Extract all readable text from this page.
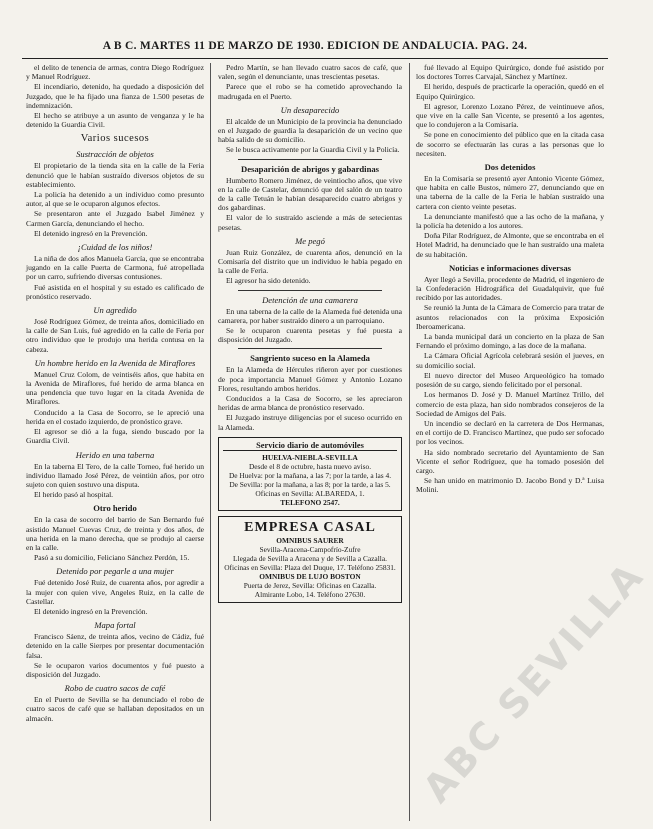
A B C. MARTES 11 DE MARZO DE 1930. EDICION DE ANDALUCIA. PAG. 24.

el delito de tenencia de armas, contra Diego Rodríguez y Manuel Rodríguez.

El incendiario, detenido, ha quedado a disposición del Juzgado, que le ha fijado una fianza de 1.500 pesetas de indemnización.

El hecho se atribuye a un asunto de venganza y le ha detenido la Guardia Civil.

Varios sucesos
Sustracción de objetos

El propietario de la tienda sita en la calle de la Feria denunció que le habían sustraído diversos objetos de su establecimiento.

La policía ha detenido a un individuo como presunto autor, al que se le ocuparon algunos efectos.

Se presentaron ante el Juzgado Isabel Jiménez y Carmen García, denunciando el hecho.

El detenido ingresó en la Prevención.

¡Cuidad de los niños!

La niña de dos años Manuela García, que se encontraba jugando en la calle Puerta de Carmona, fué atropellada por un carro, sufriendo diversas contusiones.

Fué asistida en el hospital y su estado es calificado de pronóstico reservado.

Un agredido

José Rodríguez Gómez, de treinta años, domiciliado en la calle de San Luis, fué agredido en la calle de Feria por otro individuo que le produjo una herida contusa en la cabeza.

Un hombre herido en la Avenida de Miraflores

Manuel Cruz Colom, de veintiséis años, que habita en la Avenida de Miraflores, fué herido de arma blanca en una pendencia que tuvo lugar en la citada Avenida de Miraflores.

Conducido a la Casa de Socorro, se le apreció una herida en el costado izquierdo, de pronóstico grave.

El agresor se dió a la fuga, siendo buscado por la Guardia Civil.

Herido en una taberna

En la taberna El Tero, de la calle Torneo, fué herido un individuo llamado José Pérez, de veintiún años, por otro sujeto con quien sostuvo una disputa.

El herido pasó al hospital.

Otro herido

En la casa de socorro del barrio de San Bernardo fué asistido Manuel Cuevas Cruz, de treinta y dos años, de una herida en la mano derecha, que se produjo al caerse en la calle.

Pasó a su domicilio, Feliciano Sánchez Perdón, 15.

Detenido por pegarle a una mujer

Fué detenido José Ruiz, de cuarenta años, por agredir a la mujer con quien vive, Angeles Ruiz, en la calle de Castellar.

El detenido ingresó en la Prevención.

Mapa fortal

Francisco Sáenz, de treinta años, vecino de Cádiz, fué detenido en la calle Sierpes por presentar documentación falsa.

Se le ocuparon varios documentos y fué puesto a disposición del Juzgado.

Robo de cuatro sacos de café

En el Puerto de Sevilla se ha denunciado el robo de cuatro sacos de café que se hallaban depositados en un almacén.

Pedro Martín, se han llevado cuatro sacos de café, que valen, según el denunciante, unas trescientas pesetas.

Parece que el robo se ha cometido aprovechando la madrugada en el Puerto.

Un desaparecido

El alcalde de un Municipio de la provincia ha denunciado en el Juzgado de guardia la desaparición de un vecino que había salido de su domicilio.

Se le busca activamente por la Guardia Civil y la Policía.

Desaparición de abrigos y gabardinas

Humberto Romero Jiménez, de veintiocho años, que vive en la calle de Castelar, denunció que del salón de un teatro de la calle Tetuán le habían desaparecido cuatro abrigos y dos gabardinas.

El valor de lo sustraído asciende a más de setecientas pesetas.

Me pegó

Juan Ruiz González, de cuarenta años, denunció en la Comisaría del distrito que un individuo le había pegado en la calle de Feria.

El agresor ha sido detenido.

Detención de una camarera

En una taberna de la calle de la Alameda fué detenida una camarera, por haber sustraído dinero a un parroquiano.

Se le ocuparon cuarenta pesetas y fué puesta a disposición del Juzgado.

Sangriento suceso en la Alameda

En la Alameda de Hércules riñeron ayer por cuestiones de poca importancia Manuel Gómez y Antonio Lozano Flores, resultando ambos heridos.

Conducidos a la Casa de Socorro, se les apreciaron heridas de arma blanca de pronóstico reservado.

El Juzgado instruye diligencias por el suceso ocurrido en la Alameda.

Servicio diario de automóviles
HUELVA-NIEBLA-SEVILLA
Desde el 8 de octubre, hasta nuevo aviso.
De Huelva: por la mañana, a las 7; por la tarde, a las 4.
De Sevilla: por la mañana, a las 8; por la tarde, a las 5.
Oficinas en Sevilla: ALBAREDA, 1.
TELEFONO 2547.
EMPRESA CASAL
OMNIBUS SAURER
Sevilla-Aracena-Campofrío-Zufre
Llegada de Sevilla a Aracena y de Sevilla a Cazalla.
Oficinas en Sevilla: Plaza del Duque, 17. Teléfono 25831.
OMNIBUS DE LUJO BOSTON
Puerta de Jerez, Sevilla: Oficinas en Cazalla.
Almirante Lobo, 14. Teléfono 27630.

fué llevado al Equipo Quirúrgico, donde fué asistido por los doctores Torres Carvajal, Sánchez y Martínez.

El herido, después de practicarle la operación, quedó en el Equipo Quirúrgico.

El agresor, Lorenzo Lozano Pérez, de veintinueve años, que vive en la calle San Vicente, se presentó a los agentes, que lo condujeron a la Comisaría.

Se pone en conocimiento del público que en la citada casa de socorro se efectuarán las curas a las personas que lo necesiten.

Dos detenidos

En la Comisaría se presentó ayer Antonio Vicente Gómez, que habita en calle Bustos, número 27, denunciando que en una taberna de la calle de la Feria le habían sustraído una cartera con ciento veinte pesetas.

La denunciante manifestó que a las ocho de la mañana, y la policía ha detenido a los autores.

Doña Pilar Rodríguez, de Almonte, que se encontraba en el Hotel Madrid, ha denunciado que le han sustraído una maleta de su habitación.

Noticias e informaciones diversas

Ayer llegó a Sevilla, procedente de Madrid, el ingeniero de la Confederación Hidrográfica del Guadalquivir, que fué recibido por las autoridades.

Se reunió la Junta de la Cámara de Comercio para tratar de asuntos relacionados con la próxima Exposición Iberoamericana.

La banda municipal dará un concierto en la plaza de San Fernando el próximo domingo, a las doce de la mañana.

La Cámara Oficial Agrícola celebrará sesión el jueves, en su domicilio social.

El nuevo director del Museo Arqueológico ha tomado posesión de su cargo, siendo felicitado por el personal.

Los hermanos D. José y D. Manuel Martínez Trillo, del comercio de esta plaza, han sido nombrados consejeros de la Sociedad de Amigos del País.

Un incendio se declaró en la carretera de Dos Hermanas, en el cortijo de D. Francisco Martínez, que pudo ser sofocado por los vecinos.

Ha sido nombrado secretario del Ayuntamiento de San Vicente el señor Rodríguez, que ha tomado posesión del cargo.

Se han unido en matrimonio D. Jacobo Bond y D.ª Luisa Molini.

ABC SEVILLA
